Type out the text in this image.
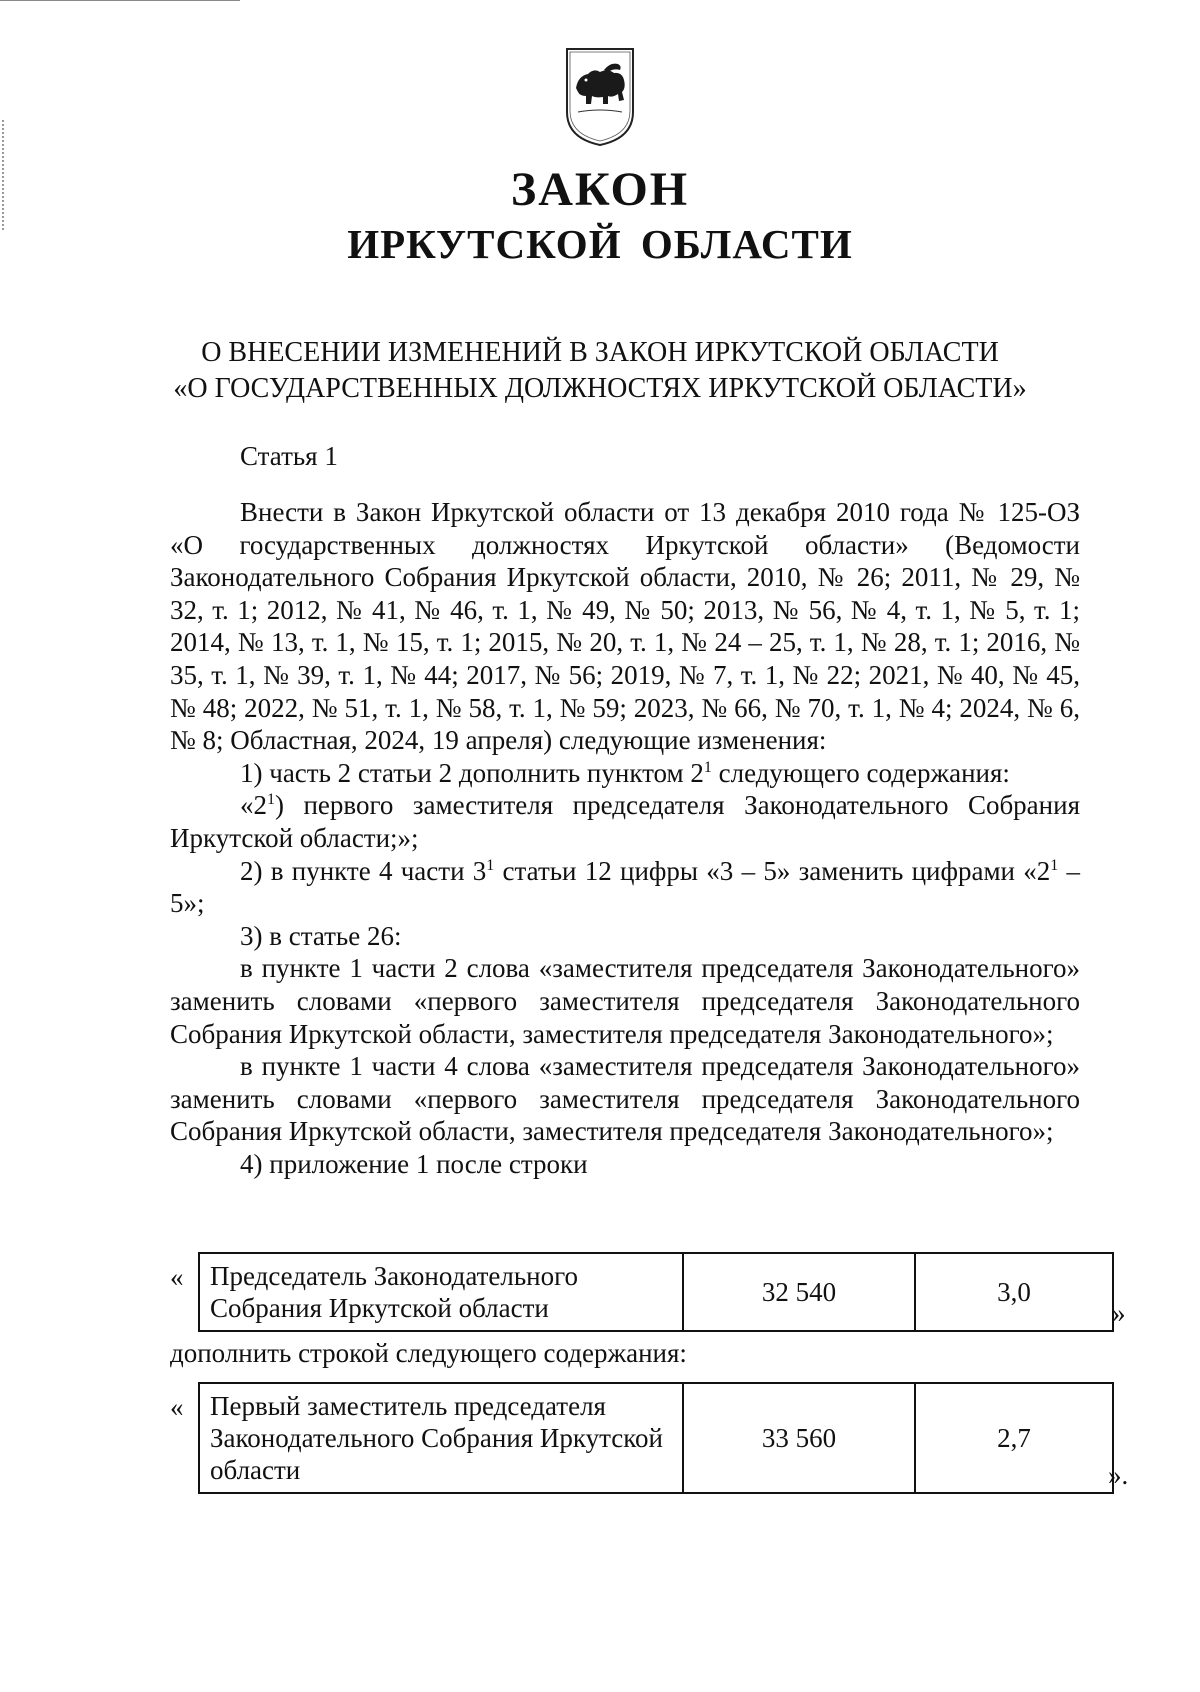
ЗАКОН
ИРКУТСКОЙ ОБЛАСТИ

О ВНЕСЕНИИ ИЗМЕНЕНИЙ В ЗАКОН ИРКУТСКОЙ ОБЛАСТИ

«О ГОСУДАРСТВЕННЫХ ДОЛЖНОСТЯХ ИРКУТСКОЙ ОБЛАСТИ»

Статья 1

Внести в Закон Иркутской области от 13 декабря 2010 года № 125-ОЗ «О государственных должностях Иркутской области» (Ведомости Законодательного Собрания Иркутской области, 2010, № 26; 2011, № 29, № 32, т. 1; 2012, № 41, № 46, т. 1, № 49, № 50; 2013, № 56, № 4, т. 1, № 5, т. 1; 2014, № 13, т. 1, № 15, т. 1; 2015, № 20, т. 1, № 24 – 25, т. 1, № 28, т. 1; 2016, № 35, т. 1, № 39, т. 1, № 44; 2017, № 56; 2019, № 7, т. 1, № 22; 2021, № 40, № 45, № 48; 2022, № 51, т. 1, № 58, т. 1, № 59; 2023, № 66, № 70, т. 1, № 4; 2024, № 6, № 8; Областная, 2024, 19 апреля) следующие изменения:

1) часть 2 статьи 2 дополнить пунктом $2^1$ следующего содержания:

«$2^1$) первого заместителя председателя Законодательного Собрания Иркутской области;»;

2) в пункте 4 части $3^1$ статьи 12 цифры «3 – 5» заменить цифрами «$2^1 - 5$»;

3) в статье 26:

в пункте 1 части 2 слова «заместителя председателя Законодательного» заменить словами «первого заместителя председателя Законодательного Собрания Иркутской области, заместителя председателя Законодательного»;

в пункте 1 части 4 слова «заместителя председателя Законодательного» заменить словами «первого заместителя председателя Законодательного Собрания Иркутской области, заместителя председателя Законодательного»;

4) приложение 1 после строки

« Председатель Законодательного Собрания Иркутской области	32 540	3,0
»

дополнить строкой следующего содержания:

« Первый заместитель председателя Законодательного Собрания Иркутской области	33 560	2,7
».
